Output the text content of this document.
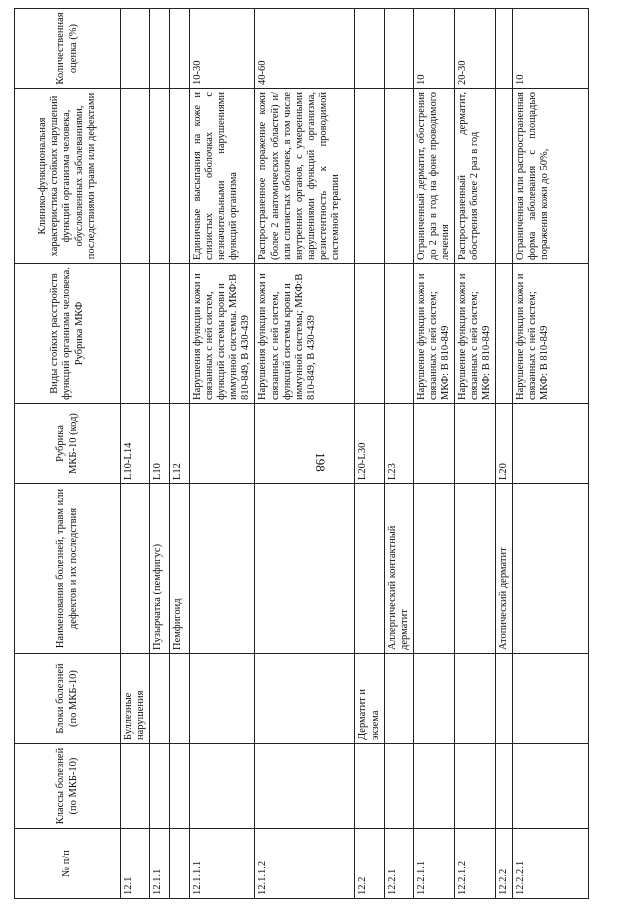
198
№ п/п	Классы болезней (по МКБ-10)	Блоки болезней (по МКБ-10)	Наименования болезней, травм или дефектов и их последствия	Рубрика МКБ-10 (код)	Виды стойких расстройств функций организма человека. Рубрика МКФ	Клинико-функциональная характеристика стойких нарушений функций организма человека, обусловленных заболеваниями, последствиями травм или дефектами	Количественная оценка (%)
12.1		Буллезные нарушения		L10-L14			
12.1.1			Пузырчатка (пемфигус)	L10			
			Пемфигоид	L12			
12.1.1.1					Нарушения функции кожи и связанных с ней систем, функций системы крови и иммунной системы. МКФ:В 810-849, В 430-439	Единичные высыпания на коже и слизистых оболочках с незначительными нарушениями функций организма	10-30
12.1.1.2					Нарушения функции кожи и связанных с ней систем, функций системы крови и иммунной системы; МКФ:В 810-849, В 430-439	Распространенное поражение кожи (более 2 анатомических областей) и/или слизистых оболочек, в том числе внутренних органов, с умеренными нарушениями функций организма, резистентность к проводимой системной терапии	40-60
12.2		Дерматит и экзема		L20-L30			
12.2.1			Аллергический контактный дерматит	L23			
12.2.1.1					Нарушение функции кожи и связанных с ней систем; МКФ: В 810-849	Ограниченный дерматит, обострения до 2 раз в год на фоне проводимого лечения	10
12.2.1.2					Нарушение функции кожи и связанных с ней систем; МКФ: В 810-849	Распространенный дерматит, обострения более 2 раз в год	20-30
12.2.2			Атопический дерматит	L20			
12.2.2.1					Нарушение функции кожи и связанных с ней систем; МКФ: В 810-849	Ограниченная или распространенная форма заболевания с площадью поражения кожи до 50%,	10
